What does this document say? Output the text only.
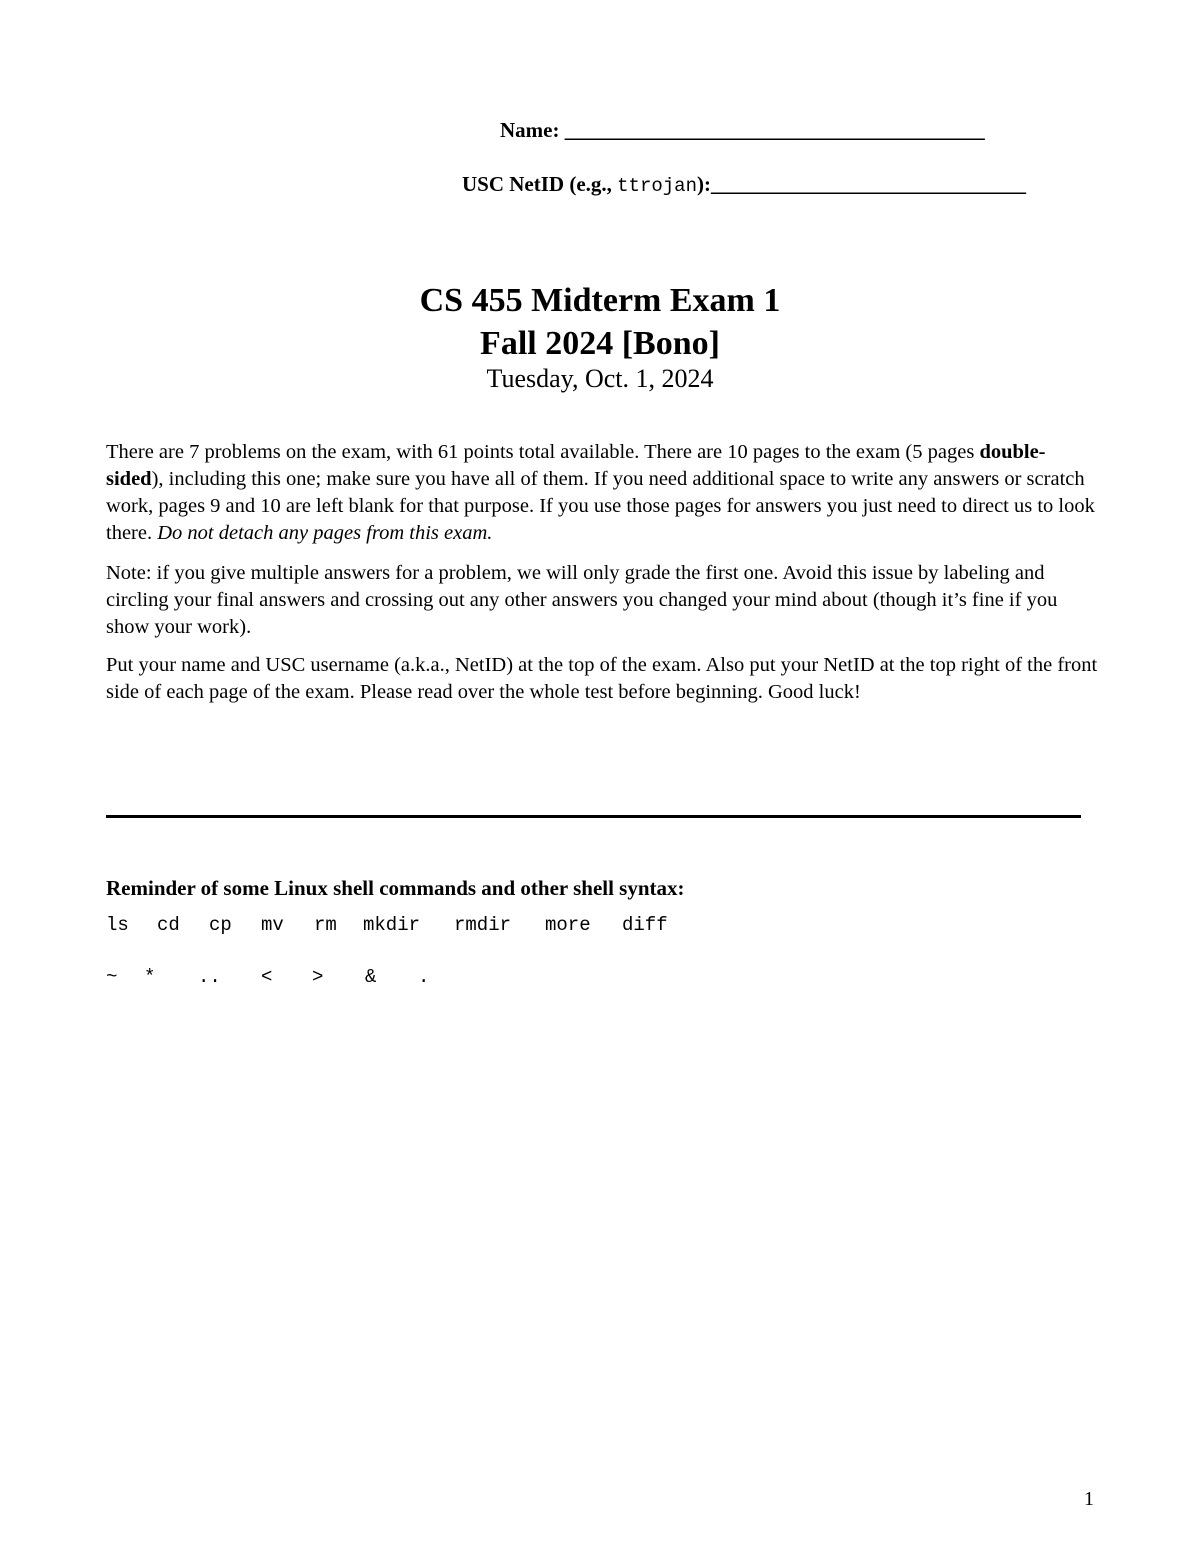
Name: ________________________________________
USC NetID (e.g., ttrojan):______________________________
CS 455 Midterm Exam 1
Fall 2024 [Bono]
Tuesday, Oct. 1, 2024

There are 7 problems on the exam, with 61 points total available. There are 10 pages to the exam (5 pages double-sided), including this one; make sure you have all of them. If you need additional space to write any answers or scratch work, pages 9 and 10 are left blank for that purpose. If you use those pages for answers you just need to direct us to look there. Do not detach any pages from this exam.

Note: if you give multiple answers for a problem, we will only grade the first one. Avoid this issue by labeling and circling your final answers and crossing out any other answers you changed your mind about (though it’s fine if you show your work).

Put your name and USC username (a.k.a., NetID) at the top of the exam. Also put your NetID at the top right of the front side of each page of the exam. Please read over the whole test before beginning. Good luck!

Reminder of some Linux shell commands and other shell syntax:
ls cd cp mv rm mkdir rmdir more diff
~ * .. < > & .
1
